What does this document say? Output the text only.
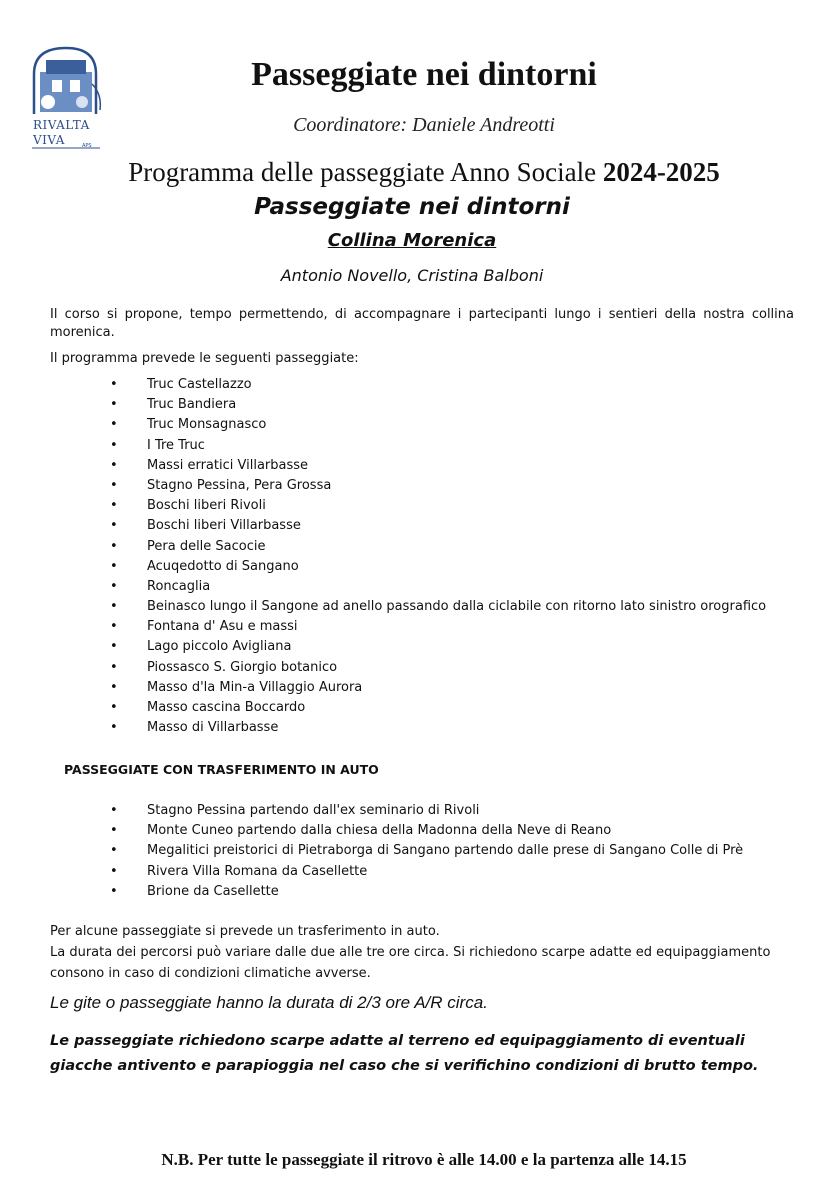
RIVALTA
VIVA	APS
Passeggiate nei dintorni
Coordinatore: Daniele Andreotti
Programma delle passeggiate Anno Sociale 2024-2025
Passeggiate nei dintorni
Collina Morenica
Antonio Novello, Cristina Balboni
Il corso si propone, tempo permettendo, di accompagnare i partecipanti lungo i sentieri della nostra collina morenica.
Il programma prevede le seguenti passeggiate:
• Truc Castellazzo
• Truc Bandiera
• Truc Monsagnasco
• I Tre Truc
• Massi erratici Villarbasse
• Stagno Pessina, Pera Grossa
• Boschi liberi Rivoli
• Boschi liberi Villarbasse
• Pera delle Sacocie
• Acuqedotto di Sangano
• Roncaglia
• Beinasco lungo il Sangone ad anello passando dalla ciclabile con ritorno lato sinistro orografico
• Fontana d' Asu e massi
• Lago piccolo Avigliana
• Piossasco S. Giorgio botanico
• Masso d'la Min-a Villaggio Aurora
• Masso cascina Boccardo
• Masso di Villarbasse
PASSEGGIATE CON TRASFERIMENTO IN AUTO
• Stagno Pessina partendo dall'ex seminario di Rivoli
• Monte Cuneo partendo dalla chiesa della Madonna della Neve di Reano
• Megalitici preistorici di Pietraborga di Sangano partendo dalle prese di Sangano Colle di Prè
• Rivera Villa Romana da Casellette
• Brione da Casellette
Per alcune passeggiate si prevede un trasferimento in auto.
La durata dei percorsi può variare dalle due alle tre ore circa. Si richiedono scarpe adatte ed equipaggiamento consono in caso di condizioni climatiche avverse.
Le gite o passeggiate hanno la durata di 2/3 ore A/R circa.
Le passeggiate richiedono scarpe adatte al terreno ed equipaggiamento di eventuali giacche antivento e parapioggia nel caso che si verifichino condizioni di brutto tempo.
N.B. Per tutte le passeggiate il ritrovo è alle 14.00 e la partenza alle 14.15
